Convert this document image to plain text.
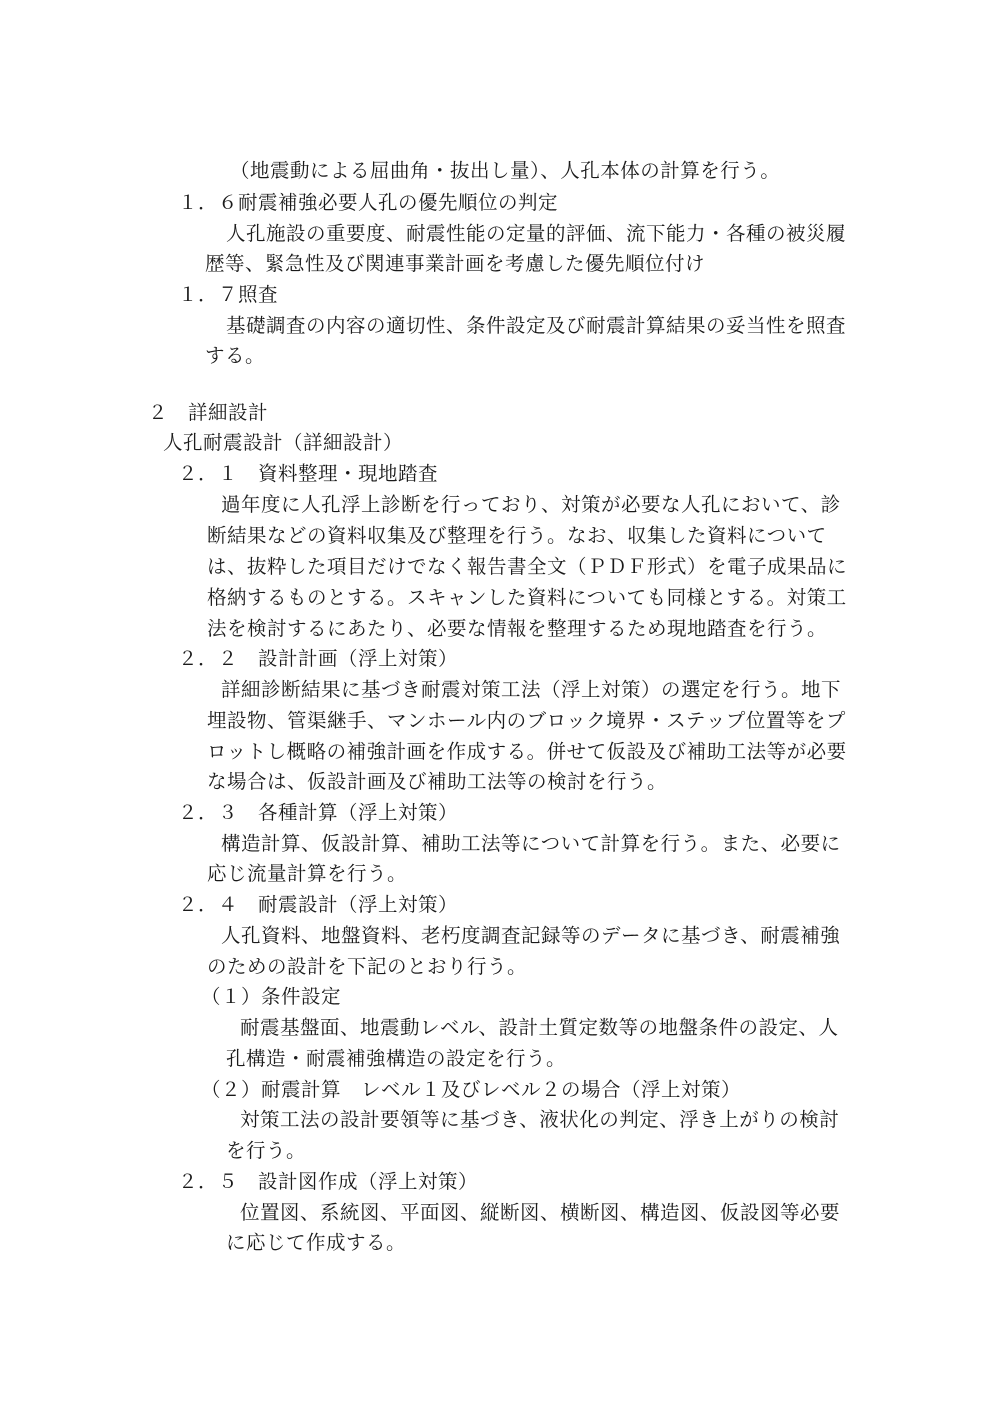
（地震動による屈曲角・抜出し量）、人孔本体の計算を行う。
１．６耐震補強必要人孔の優先順位の判定
人孔施設の重要度、耐震性能の定量的評価、流下能力・各種の被災履
歴等、緊急性及び関連事業計画を考慮した優先順位付け
１．７照査
基礎調査の内容の適切性、条件設定及び耐震計算結果の妥当性を照査
する。
２　詳細設計
人孔耐震設計（詳細設計）
２．１　資料整理・現地踏査
過年度に人孔浮上診断を行っており、対策が必要な人孔において、診
断結果などの資料収集及び整理を行う。なお、収集した資料について
は、抜粋した項目だけでなく報告書全文（ＰＤＦ形式）を電子成果品に
格納するものとする。スキャンした資料についても同様とする。対策工
法を検討するにあたり、必要な情報を整理するため現地踏査を行う。
２．２　設計計画（浮上対策）
詳細診断結果に基づき耐震対策工法（浮上対策）の選定を行う。地下
埋設物、管渠継手、マンホール内のブロック境界・ステップ位置等をプ
ロットし概略の補強計画を作成する。併せて仮設及び補助工法等が必要
な場合は、仮設計画及び補助工法等の検討を行う。
２．３　各種計算（浮上対策）
構造計算、仮設計算、補助工法等について計算を行う。また、必要に
応じ流量計算を行う。
２．４　耐震設計（浮上対策）
人孔資料、地盤資料、老朽度調査記録等のデータに基づき、耐震補強
のための設計を下記のとおり行う。
（１）条件設定
耐震基盤面、地震動レベル、設計土質定数等の地盤条件の設定、人
孔構造・耐震補強構造の設定を行う。
（２）耐震計算　レベル１及びレベル２の場合（浮上対策）
対策工法の設計要領等に基づき、液状化の判定、浮き上がりの検討
を行う。
２．５　設計図作成（浮上対策）
位置図、系統図、平面図、縦断図、横断図、構造図、仮設図等必要
に応じて作成する。
